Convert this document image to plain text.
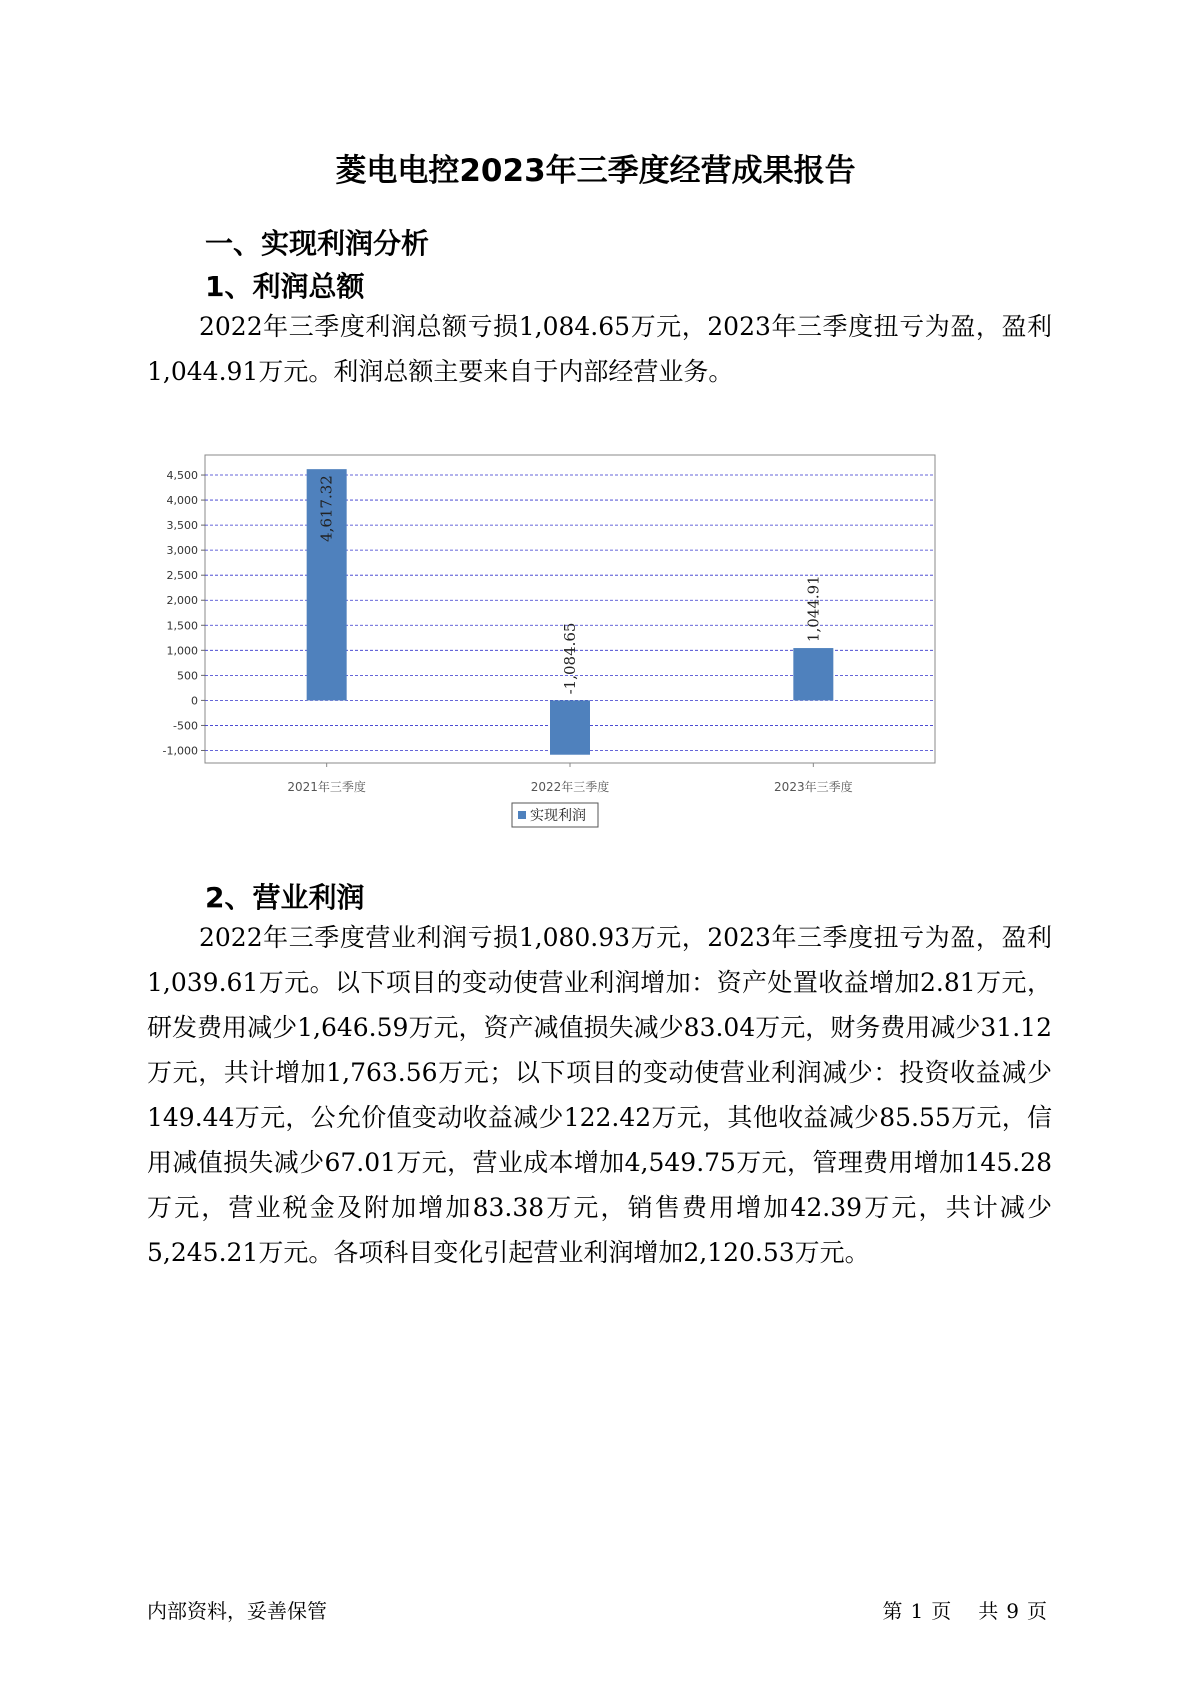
菱电电控2023年三季度经营成果报告
一、实现利润分析
1、利润总额

2022年三季度利润总额亏损1,084.65万元，2023年三季度扭亏为盈，盈利1,044.91万元。利润总额主要来自于内部经营业务。

4,500
4,000
3,500
3,000
2,500
2,000
1,500
1,000
500
0
-500
-1,000
4,617.32
2021年三季度
-1,084.65
2022年三季度
1,044.91
2023年三季度
实现利润
2、营业利润

2022年三季度营业利润亏损1,080.93万元，2023年三季度扭亏为盈，盈利1,039.61万元。以下项目的变动使营业利润增加：资产处置收益增加2.81万元，研发费用减少1,646.59万元，资产减值损失减少83.04万元，财务费用减少31.12万元，共计增加1,763.56万元；以下项目的变动使营业利润减少：投资收益减少149.44万元，公允价值变动收益减少122.42万元，其他收益减少85.55万元，信用减值损失减少67.01万元，营业成本增加4,549.75万元，管理费用增加145.28万元，营业税金及附加增加83.38万元，销售费用增加42.39万元，共计减少5,245.21万元。各项科目变化引起营业利润增加2,120.53万元。

内部资料，妥善保管	第 1 页 共 9 页
